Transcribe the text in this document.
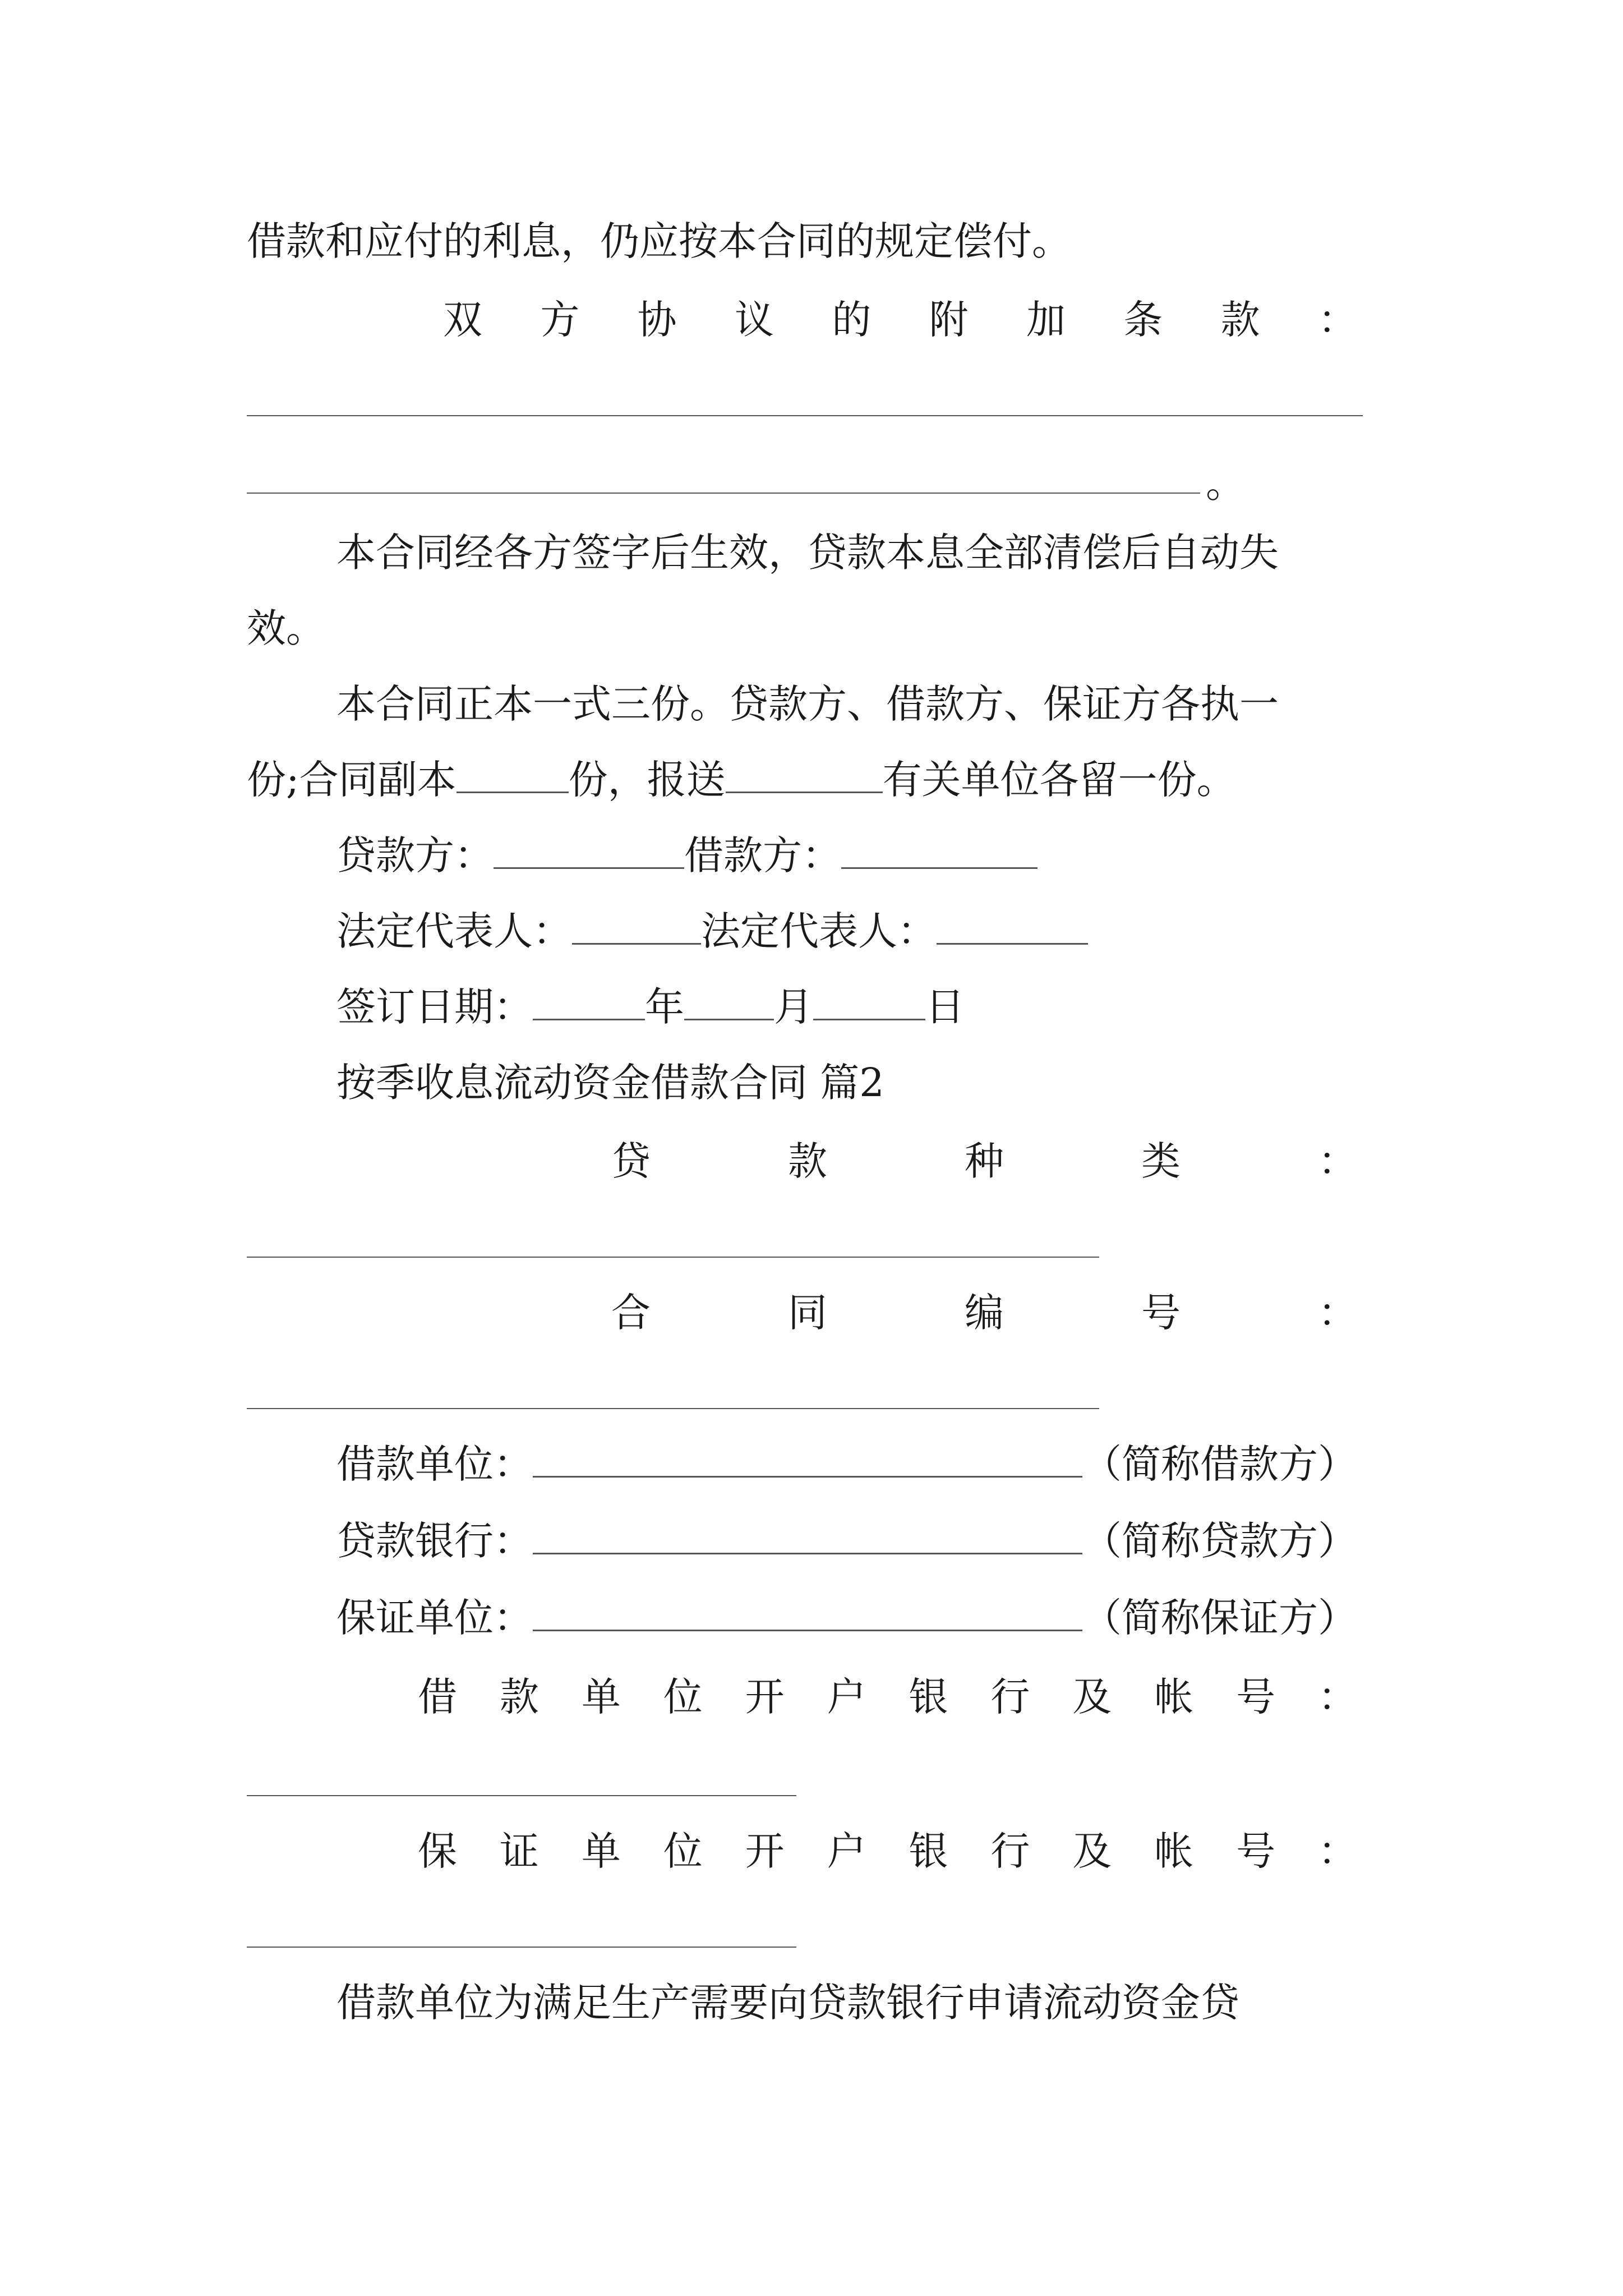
借款和应付的利息，仍应按本合同的规定偿付。
双 方 协 议 的 附 加 条 款 ：
。
本合同经各方签字后生效，贷款本息全部清偿后自动失
效。
本合同正本一式三份。贷款方、借款方、保证方各执一
份;合同副本	份，报送	有关单位各留一份。
贷款方：	借款方：
法定代表人：	法定代表人：
签订日期：	年 月	日
按季收息流动资金借款合同 篇2
贷	款	种	类	：
合	同	编	号	：
借款单位：	（简称借款方）
贷款银行：	（简称贷款方）
保证单位：	（简称保证方）
借 款 单 位 开 户 银 行 及 帐 号 ：
保 证 单 位 开 户 银 行 及 帐 号 ：
借款单位为满足生产需要向贷款银行申请流动资金贷
